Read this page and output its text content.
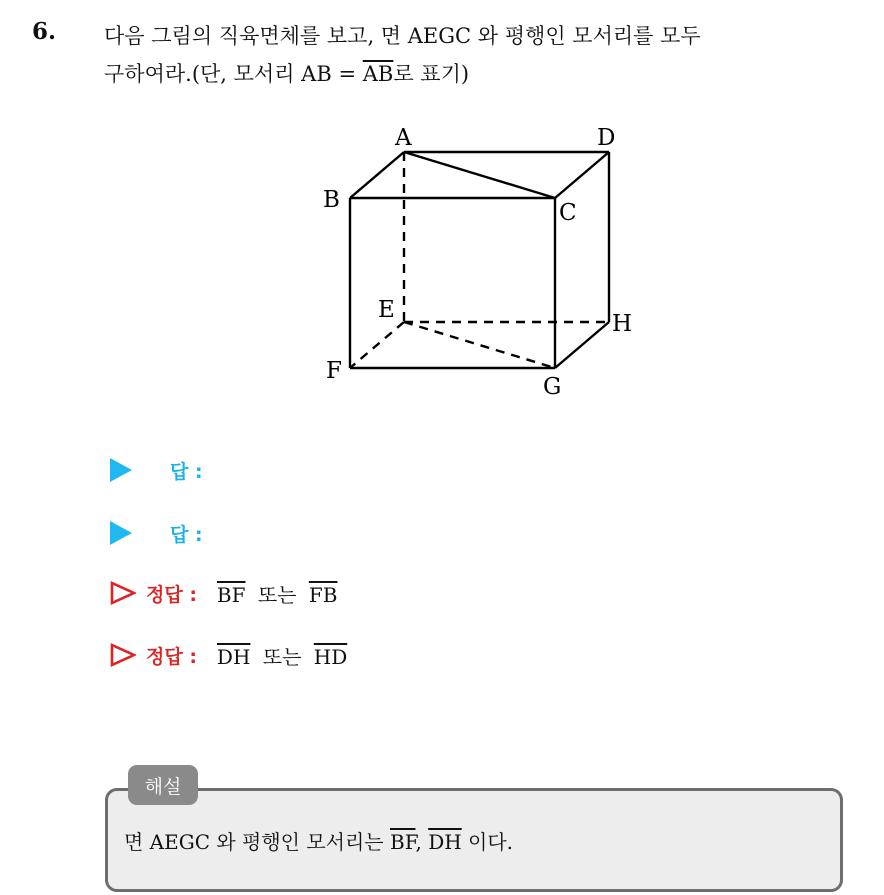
6. 다음 그림의 직육면체를 보고, 면 AEGC 와 평행인 모서리를 모두
구하여라.(단, 모서리 AB = $\overline{AB}$로 표기)
A	D
B	C
E
H
F
G
답 :
답 :
정답 : $\overline{BF}$ 또는 $\overline{FB}$
정답 : $\overline{DH}$ 또는 $\overline{HD}$
해설
면 AEGC 와 평행인 모서리는 $\overline{BF}$, $\overline{DH}$ 이다.
